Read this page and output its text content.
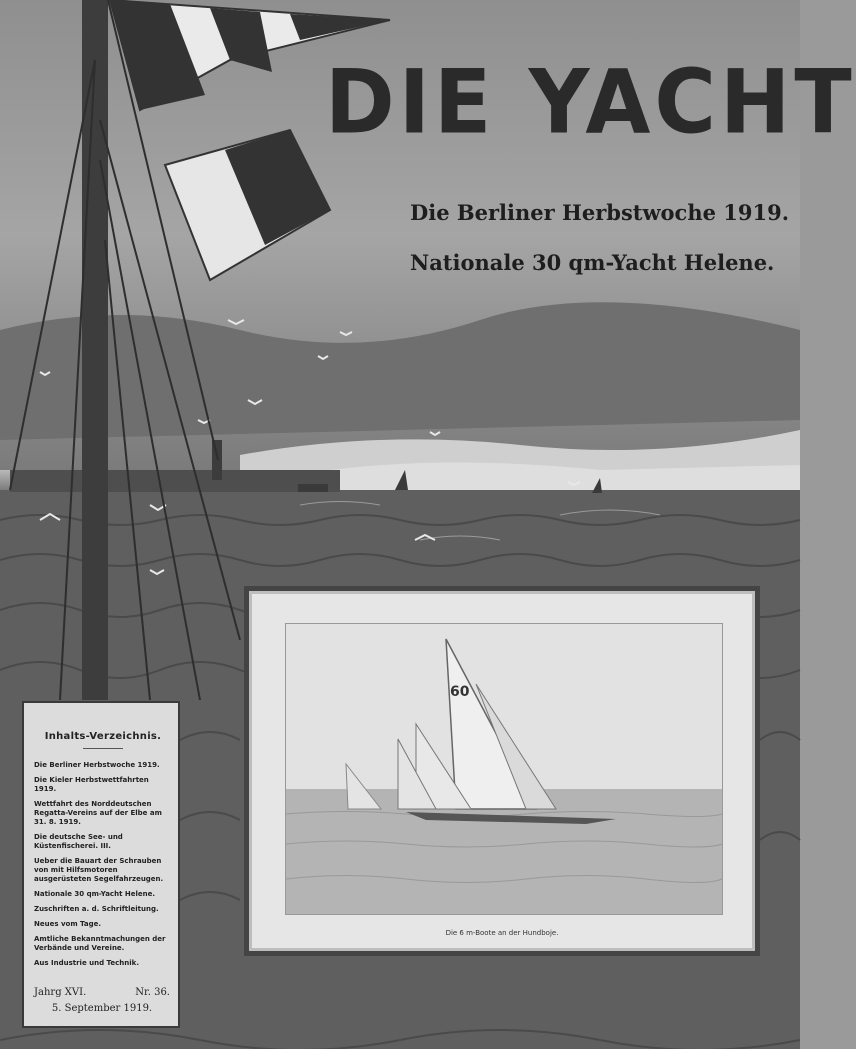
DIE YACHT
Die Berliner Herbstwoche 1919.
Nationale 30 qm-Yacht Helene.
Inhalts-Verzeichnis.
Die Berliner Herbstwoche 1919.
Die Kieler Herbstwettfahrten 1919.
Wettfahrt des Norddeutschen Regatta-Vereins auf der Elbe am 31. 8. 1919.
Die deutsche See- und Küstenfischerei. III.
Ueber die Bauart der Schrauben von mit Hilfsmotoren ausgerüsteten Segelfahrzeugen.
Nationale 30 qm-Yacht Helene.
Zuschriften a. d. Schriftleitung.
Neues vom Tage.
Amtliche Bekanntmachungen der Verbände und Vereine.
Aus Industrie und Technik.
Jahrg XVI.	Nr. 36.
5. September 1919.
60
Die 6 m-Boote an der Hundboje.
